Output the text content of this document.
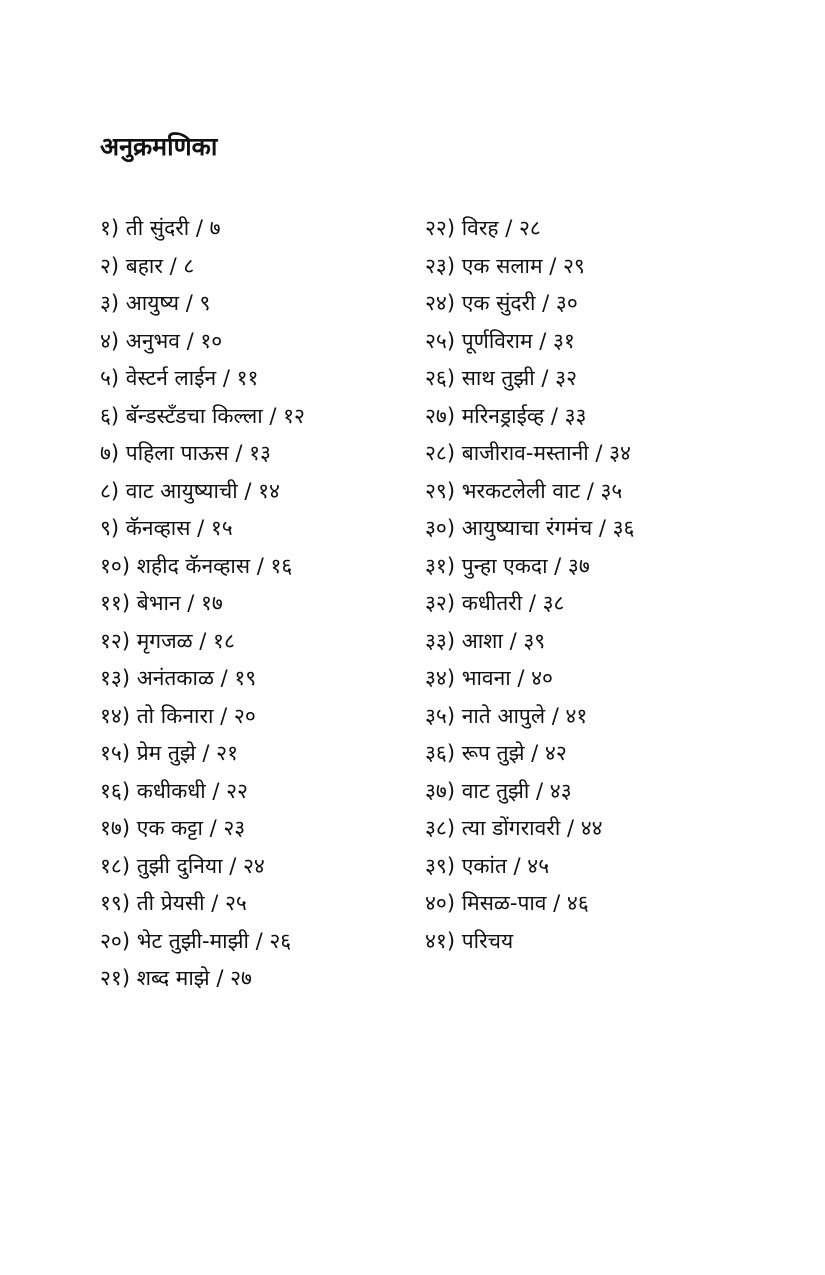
अनुक्रमणिका
१) ती सुंदरी / ७
२) बहार / ८
३) आयुष्य / ९
४) अनुभव / १०
५) वेस्टर्न लाईन / ११
६) बॅन्डस्टँडचा किल्ला / १२
७) पहिला पाऊस / १३
८) वाट आयुष्याची / १४
९) कॅनव्हास / १५
१०) शहीद कॅनव्हास / १६
११) बेभान / १७
१२) मृगजळ / १८
१३) अनंतकाळ / १९
१४) तो किनारा / २०
१५) प्रेम तुझे / २१
१६) कधीकधी / २२
१७) एक कट्टा / २३
१८) तुझी दुनिया / २४
१९) ती प्रेयसी / २५
२०) भेट तुझी-माझी / २६
२१) शब्द माझे / २७
२२) विरह / २८
२३) एक सलाम / २९
२४) एक सुंदरी / ३०
२५) पूर्णविराम / ३१
२६) साथ तुझी / ३२
२७) मरिनड्राईव्ह / ३३
२८) बाजीराव-मस्तानी / ३४
२९) भरकटलेली वाट / ३५
३०) आयुष्याचा रंगमंच / ३६
३१) पुन्हा एकदा / ३७
३२) कधीतरी / ३८
३३) आशा / ३९
३४) भावना / ४०
३५) नाते आपुले / ४१
३६) रूप तुझे / ४२
३७) वाट तुझी / ४३
३८) त्या डोंगरावरी / ४४
३९) एकांत / ४५
४०) मिसळ-पाव / ४६
४१) परिचय
